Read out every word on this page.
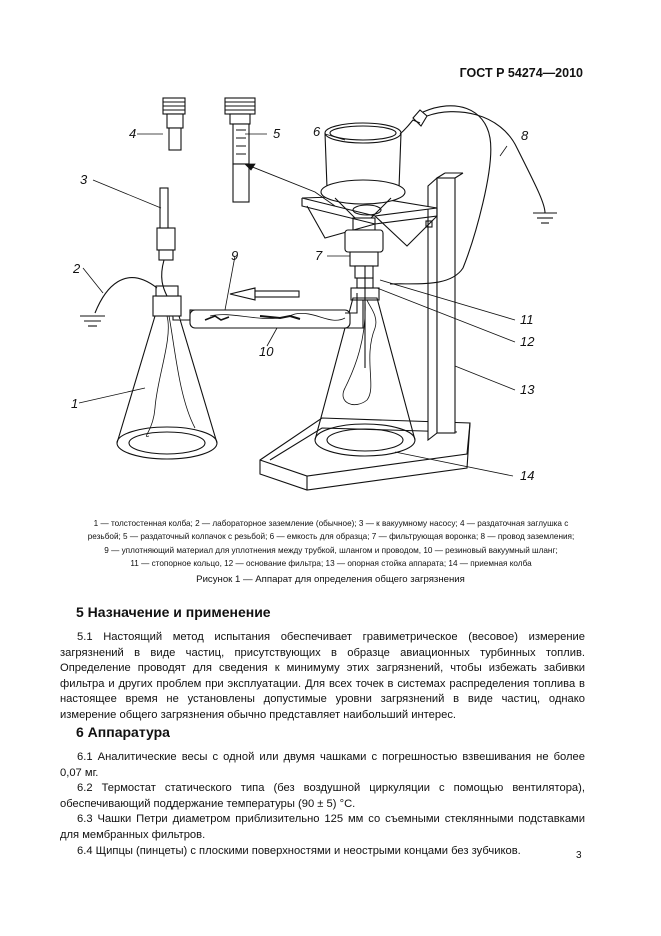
ГОСТ Р 54274—2010
4	5	6	8
3
2
7
9
10
1
11
12
13
14

1 — толстостенная колба; 2 — лабораторное заземление (обычное); 3 — к вакуумному насосу; 4 — раздаточная заглушка с

резьбой; 5 — раздаточный колпачок с резьбой; 6 — емкость для образца; 7 — фильтрующая воронка; 8 — провод заземления;

9 — уплотняющий материал для уплотнения между трубкой, шлангом и проводом, 10 — резиновый вакуумный шланг;

11 — стопорное кольцо, 12 — основание фильтра; 13 — опорная стойка аппарата; 14 — приемная колба

Рисунок 1 — Аппарат для определения общего загрязнения
5 Назначение и применение

5.1 Настоящий метод испытания обеспечивает гравиметрическое (весовое) измерение загрязнений в виде частиц, присутствующих в образце авиационных турбинных топлив. Определение проводят для сведения к минимуму этих загрязнений, чтобы избежать забивки фильтра и других проблем при эксплуатации. Для всех точек в системах распределения топлива в настоящее время не установлены допустимые уровни загрязнений в виде частиц, однако измерение общего загрязнения обычно представляет наибольший интерес.

6 Аппаратура

6.1 Аналитические весы с одной или двумя чашками с погрешностью взвешивания не более 0,07 мг.

6.2 Термостат статического типа (без воздушной циркуляции с помощью вентилятора), обеспечивающий поддержание температуры (90 ± 5) °С.

6.3 Чашки Петри диаметром приблизительно 125 мм со съемными стеклянными подставками для мембранных фильтров.

6.4 Щипцы (пинцеты) с плоскими поверхностями и неострыми концами без зубчиков.	3
